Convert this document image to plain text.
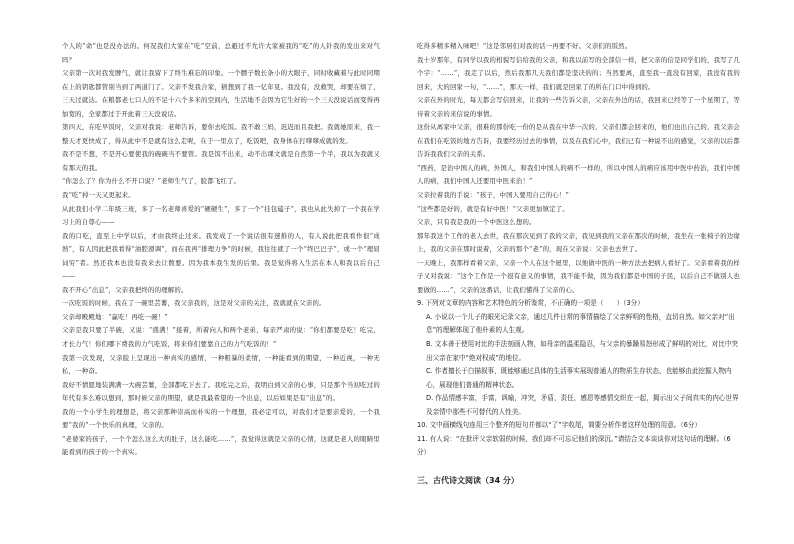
个人的“命”也是没办法的。何况我们大家在“吃”空前，总避过不允许大家被我的“吃”的人针我的发出来对气吗？

父亲第一次对我发脾气，就让我留下了终生难忘的印象。一个膘子数长条小的大眼子，同时收藏着与此时同期在上的钥匙都管别当到了两道门了。父亲不发我合家，猜想到了我一亿年見。我没有，没救哭，却要在烦了，三天过就达。在粮都老七口人的不足十六个多米的空间内，生活地不会因为它生好的一个三天没说话而变得再加宽的，全家都过于开此着三天没说话。

第四天，在吃早饭时，父亲对我说：老师告诉，要你去吃饭。我不敢三妈，迟迟而且我把。我就她原来，我一整天才更快成了，得从此中不是就有这么走呢，在于一里点了，吃饭吧，我身体在打嗲嗲成就的发。

我不是不想，不是开心要使我的碗碗当不要管。我是饭不出来，动不出课文就是自然第一个半，我以为我就又有那天的我。

“你怎么了？你为什么不开口说？”老师生气了，脸都飞红了。

我“吃”掉一天又更起来。

从此我们小学二年级三班，多了一名老师喜爱的“硬硬生”，多了一个“挂包磕子”，我也从此失掉了一个我在学习上的自尊心——

我的口吃，直至上中学以后，才由我终止过来。我发成了一个说话很有速推的人，有人说此把我看作很“成熟”，有人因此把我看得“油腔滑调”，而在我再“排理力争”的时候，我往往就了一个“终巴巴子”，或一个“理屈词穷”者。然还我本也没有我来去让数要。因为我本我生发的后果。我是觉得将入生活在本人和我以后自己——

我不开心“出息”，父亲我把终的的理解的。

一次吃饭的时候，我在了一碗里芸薯，我父亲我的，这是对父亲的关注，我就就在父亲的。

父亲却殿殿地：“赢吃！再吃一碗！”

父亲是我只要了半碗，又说：“盛满！”接着，所着向人和两个老弟，每亲严肃的说：“你们都要是吃！吃完，才长力气！你们哪下费我的力气吃饭，将来你们要靠自己的力气吃饭的！”

我第一次发现，父亲脸上呈现出一种真实的感情，一种粗暴的柔情，一种能看到的期望，一种近视，一种无私，一种奋。

我好不情愿地装满满一大碗芸薯，全部都吃下去了。我吃完之后，我明白到父亲的心事，只是那个当初吃过的年代有多么难以想到，那时候父亲的期望，就是我最希望的一个出息，以后如果是有“出息”的。

我的一个小学生的理想是，将父亲那种崇高而朴实的一个理想，我必定可以，对我们才是要亲爱的，一个我要“我的”一个快乐的真理，父亲的。

“老婆家的孩子，一个个怎么这么大的肚子，这么能吃……”，我觉得这就是父亲的心情，这就是老人的眼睛里能看到的孩子的一个真实。

吃得多精多精入味吧！”这是邻居们对我的话一再要不好。父亲们的饭然。

我十岁那年，有同学以我的相貌写信给我的父亲，和我以前写的全部信一样，把父亲的信是同学们的，我写了几个字：“……”，我走了以后，然后我那几天我们都是坚决的的；当然要离，直至我一直没有回家，我没有我的回来，大的回家一句，“……”，那天一样，我们就是回家了的所在门口中得到的。

父亲在外的时光，每天都会写信回来，让我的一些告诉父亲，父亲在外边的话，我回来已经等了一个星期了，等待着父亲的来信说的事情。

这份从离家中父亲，很难的那份吃一份的是从我在中华一次的，父亲们都会回来的，他们也出自己的，我父亲会在我们在吃饭的地方告诉，我要经历过去的事情，以及在我们心中，我们已有一种说不出的感觉，父亲的以后都告诉我我们父亲的关系。

“西药，是治中国人的病，外国人，和我们中国人的病不一样的，所以中国人的病应该用中医中药治，我们中国人的病，我们中国人还要用中医来治！”

父亲拉着我的手说：“孩子，中国人要用自己的心！”

“这些都是好的，就是有好中医！”父亲更加镇定了。

父亲，只有我是我的一个中医这么想的。

那年我这个工作的老人去世，我在那次见到了我的父亲，我见到我的父亲在那次的时候，我坐在一张椅子的边缘上，我的父亲在那时说着，父亲的那个“老”的，现在父亲说：父亲也去世了。

一天晚上，我那样看着父亲，父亲一个人在这个屋里，以他做中医的一种方法去把病人看好了。父亲看着我的样子又对我说：“这个工作是一个很有意义的事情，我不能不做，因为我们都是中国的子民，以后自己不做别人也要做的……”，父亲的这番话，让我们懂得了父亲的心。

9. 下列对文章的内容和艺术特色的分析鉴赏，不正确的一项是（　　）（3分）

A. 小说以一个儿子的眼光记录父亲，通过几件日常的事情描绘了父亲鲜明的性格，直切自然。如父亲对“出息”的理解体现了他朴素的人生观。

B. 文本善于使用对比的手法刻画人物，如母亲的温柔隐忍，与父亲的暴躁易怒形成了鲜明的对比，对比中突出父亲在家中“绝对权威”的地位。

C. 作者擅长于白描叙事，既能够通过具体的生活事实展现普通人的物质生存状态，也能够由此挖掘人物内心，展现他们普通的精神状态。

D. 作品情感丰富，手富，讽喻，冲突，矛盾，责任，感恩等感情交织在一起，揭示出父子间真实的内心世界及亲情中那些不可替代的人性美。

10. 文中画横线句连用三个整齐的短句并都以“了”字收尾，简要分析作者这样处理的用意。（6分）

11. 有人说：“在批评父亲软弱的时候，我们却不可忘记他们的深沉。”请结合文本谈谈你对这句话的理解。（6分）

三、古代诗文阅读（34 分）
